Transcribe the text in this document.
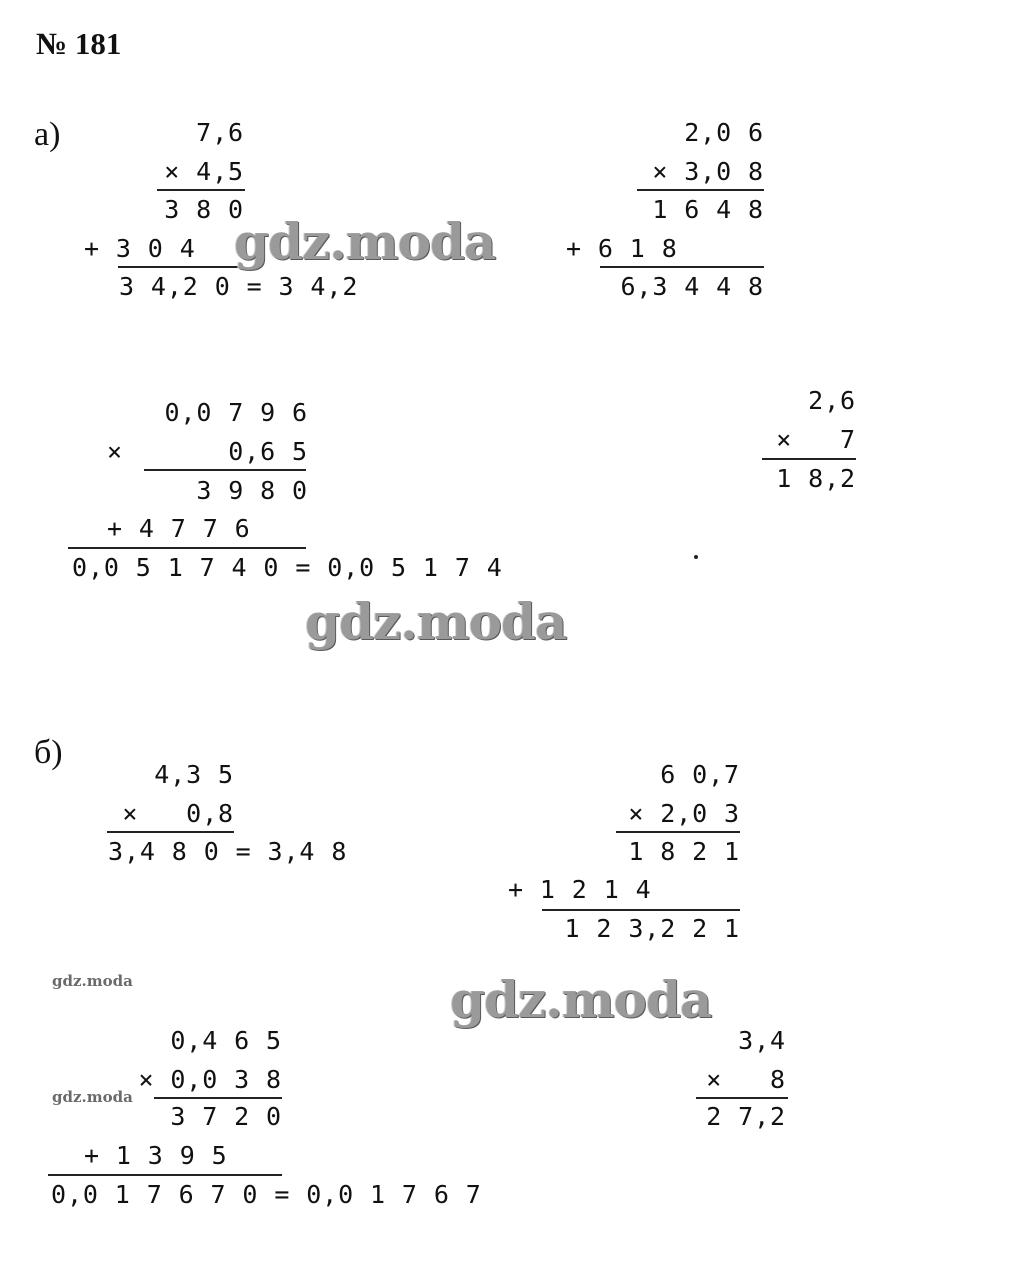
№ 181
а)	7,6
× 4,5
3 8 0
+ 3 0 4
3 4,2 0 = 3 4,2
2,0 6
× 3,0 8
1 6 4 8
+ 6 1 8
6,3 4 4 8
0,0 7 9 6
×	0,6 5
3 9 8 0
+ 4 7 7 6
0,0 5 1 7 4 0 = 0,0 5 1 7 4
2,6
×   7
1 8,2
б)
4,3 5
×   0,8
3,4 8 0 = 3,4 8
6 0,7
× 2,0 3
1 8 2 1
+ 1 2 1 4
1 2 3,2 2 1
0,4 6 5
× 0,0 3 8
3 7 2 0
+ 1 3 9 5
0,0 1 7 6 7 0 = 0,0 1 7 6 7
3,4
×   8
2 7,2
gdz.moda
gdz.moda
gdz.moda
gdz.moda
gdz.moda
